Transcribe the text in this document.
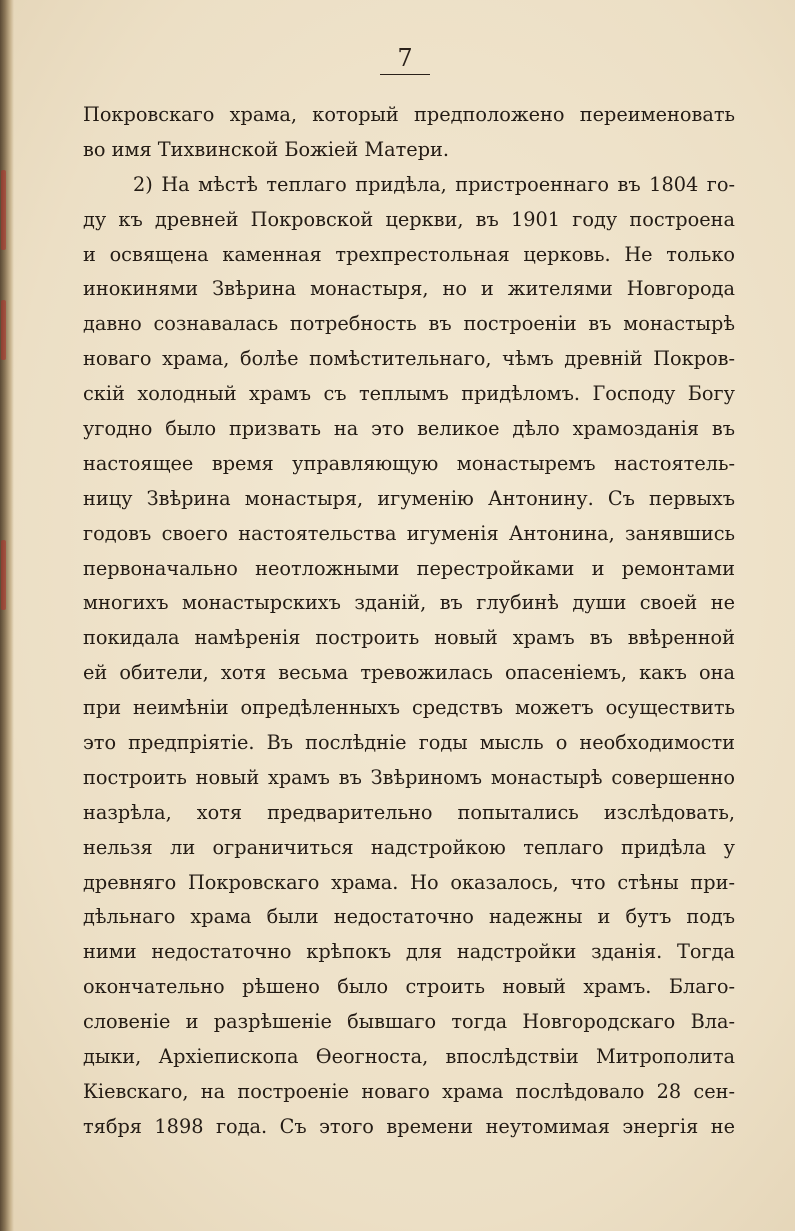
7
Покровскаго храма, который предположено переименовать
во имя Тихвинской Божіей Матери.
2) На мѣстѣ теплаго придѣла, пристроеннаго въ 1804 го-
ду къ древней Покровской церкви, въ 1901 году построена
и освящена каменная трехпрестольная церковь. Не только
инокинями Звѣрина монастыря, но и жителями Новгорода
давно сознавалась потребность въ построеніи въ монастырѣ
новаго храма, болѣе помѣстительнаго, чѣмъ древній Покров-
скій холодный храмъ съ теплымъ придѣломъ. Господу Богу
угодно было призвать на это великое дѣло храмозданія въ
настоящее время управляющую монастыремъ настоятель-
ницу Звѣрина монастыря, игуменію Антонину. Съ первыхъ
годовъ своего настоятельства игуменія Антонина, занявшись
первоначально неотложными перестройками и ремонтами
многихъ монастырскихъ зданій, въ глубинѣ души своей не
покидала намѣренія построить новый храмъ въ ввѣренной
ей обители, хотя весьма тревожилась опасеніемъ, какъ она
при неимѣніи опредѣленныхъ средствъ можетъ осуществить
это предпріятіе. Въ послѣдніе годы мысль о необходимости
построить новый храмъ въ Звѣриномъ монастырѣ совершенно
назрѣла, хотя предварительно попытались изслѣдовать,
нельзя ли ограничиться надстройкою теплаго придѣла у
древняго Покровскаго храма. Но оказалось, что стѣны при-
дѣльнаго храма были недостаточно надежны и бутъ подъ
ними недостаточно крѣпокъ для надстройки зданія. Тогда
окончательно рѣшено было строить новый храмъ. Благо-
словеніе и разрѣшеніе бывшаго тогда Новгородскаго Вла-
дыки, Архіепископа Ѳеогноста, впослѣдствіи Митрополита
Кіевскаго, на построеніе новаго храма послѣдовало 28 сен-
тября 1898 года. Съ этого времени неутомимая энергія не
